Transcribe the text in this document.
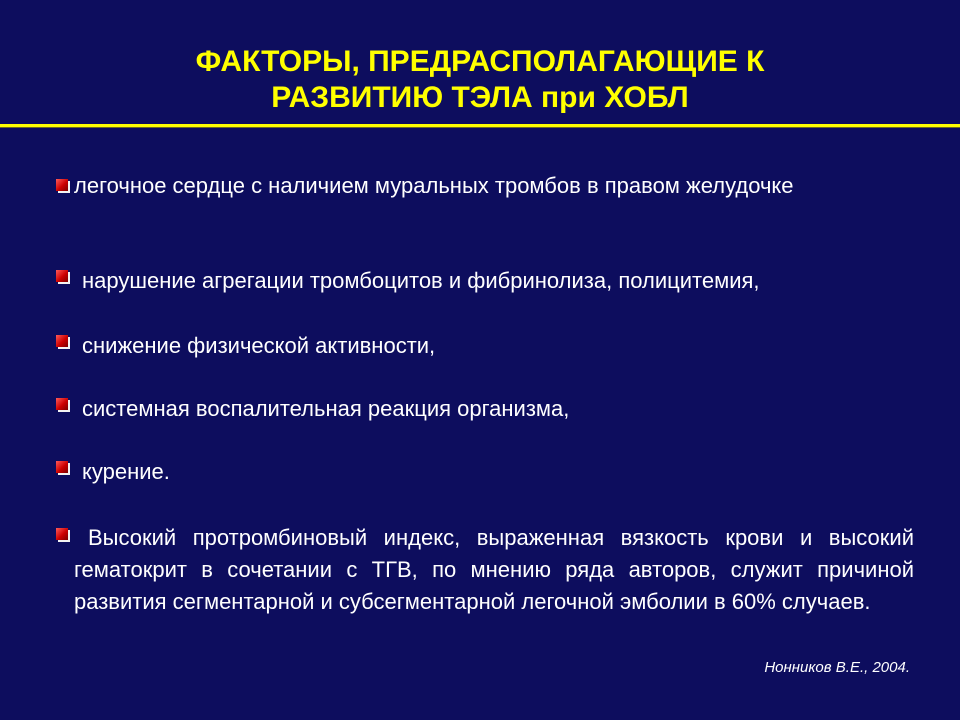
ФАКТОРЫ, ПРЕДРАСПОЛАГАЮЩИЕ К
РАЗВИТИЮ ТЭЛА при ХОБЛ
легочное сердце с наличием муральных тромбов в правом желудочке
нарушение агрегации тромбоцитов и фибринолиза, полицитемия,
снижение физической активности,
системная воспалительная реакция организма,
курение.
Высокий протромбиновый индекс, выраженная вязкость крови и высокий гематокрит в сочетании с ТГВ, по мнению ряда авторов, служит причиной развития сегментарной и субсегментарной легочной эмболии в 60% случаев.
Нонников В.Е., 2004.
